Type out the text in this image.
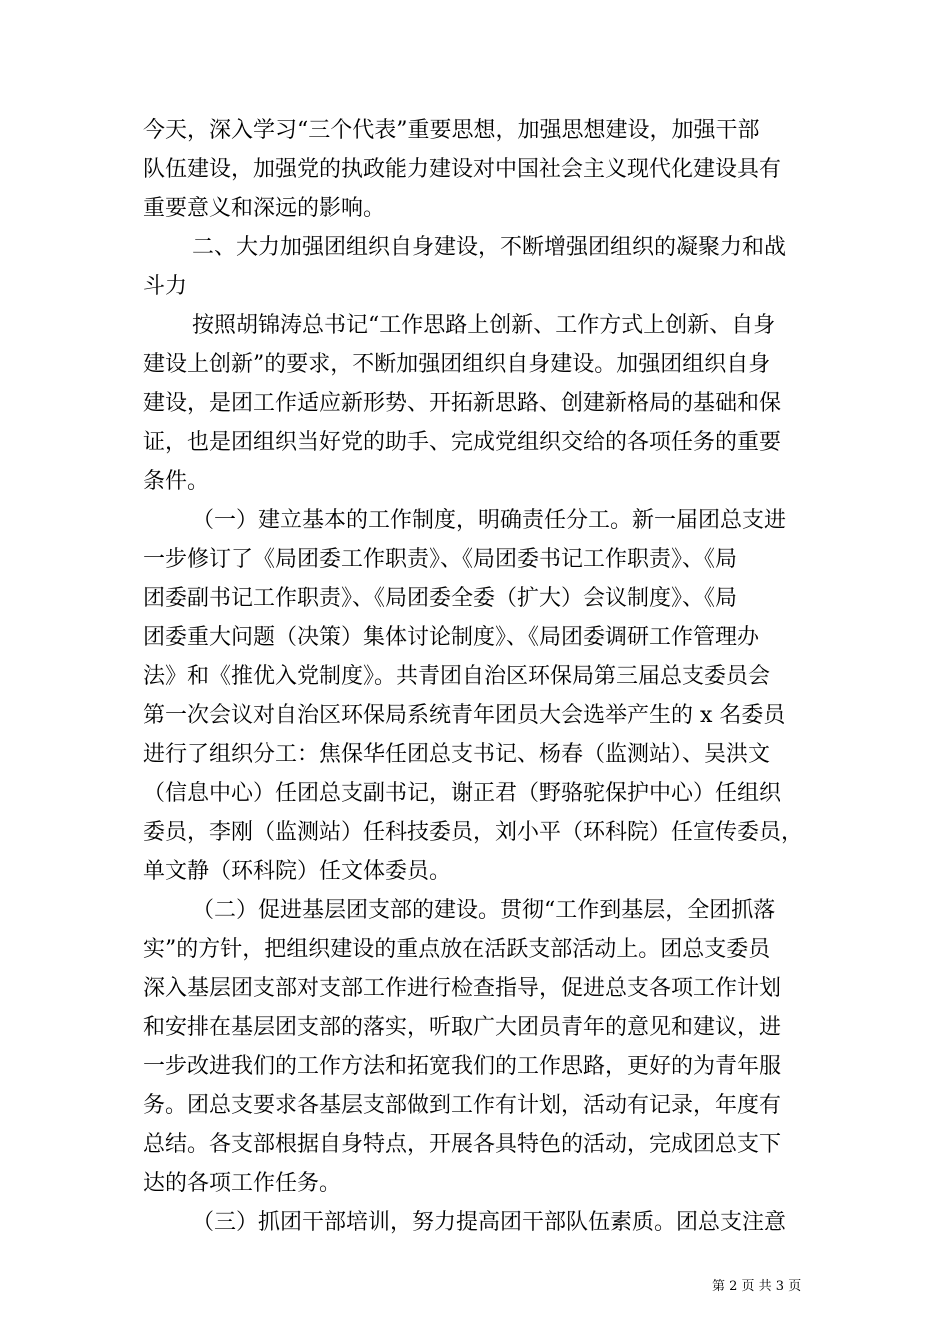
今天，深入学习“三个代表”重要思想，加强思想建设，加强干部
队伍建设，加强党的执政能力建设对中国社会主义现代化建设具有
重要意义和深远的影响。
二、大力加强团组织自身建设，不断增强团组织的凝聚力和战
斗力
按照胡锦涛总书记“工作思路上创新、工作方式上创新、自身
建设上创新”的要求，不断加强团组织自身建设。加强团组织自身
建设，是团工作适应新形势、开拓新思路、创建新格局的基础和保
证，也是团组织当好党的助手、完成党组织交给的各项任务的重要
条件。
（一）建立基本的工作制度，明确责任分工。新一届团总支进
一步修订了《局团委工作职责》、《局团委书记工作职责》、《局
团委副书记工作职责》、《局团委全委（扩大）会议制度》、《局
团委重大问题（决策）集体讨论制度》、《局团委调研工作管理办
法》和《推优入党制度》。共青团自治区环保局第三届总支委员会
第一次会议对自治区环保局系统青年团员大会选举产生的 x 名委员
进行了组织分工：焦保华任团总支书记、杨春（监测站）、吴洪文
（信息中心）任团总支副书记，谢正君（野骆驼保护中心）任组织
委员，李刚（监测站）任科技委员，刘小平（环科院）任宣传委员，
单文静（环科院）任文体委员。
（二）促进基层团支部的建设。贯彻“工作到基层，全团抓落
实”的方针，把组织建设的重点放在活跃支部活动上。团总支委员
深入基层团支部对支部工作进行检查指导，促进总支各项工作计划
和安排在基层团支部的落实，听取广大团员青年的意见和建议，进
一步改进我们的工作方法和拓宽我们的工作思路，更好的为青年服
务。团总支要求各基层支部做到工作有计划，活动有记录，年度有
总结。各支部根据自身特点，开展各具特色的活动，完成团总支下
达的各项工作任务。
（三）抓团干部培训，努力提高团干部队伍素质。团总支注意
第 2 页 共 3 页
